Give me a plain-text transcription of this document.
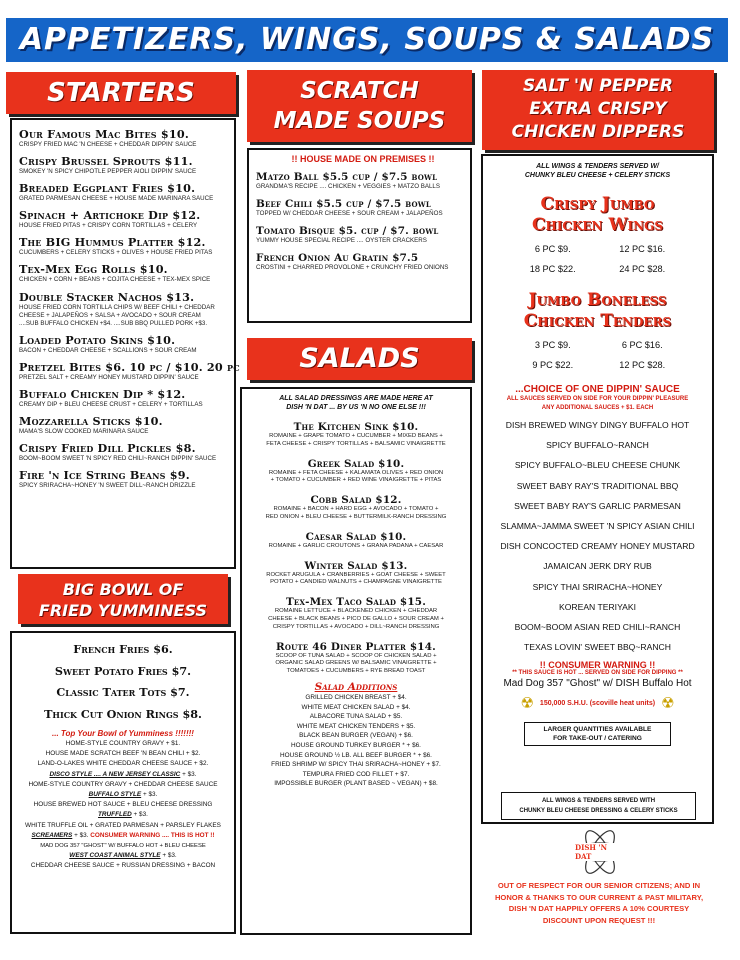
APPETIZERS, WINGS, SOUPS & SALADS
STARTERS	SCRATCH MADE SOUPS
SALT 'N PEPPER EXTRA CRISPY CHICKEN DIPPERS
SALADS
BIG BOWL OF FRIED YUMMINESS
Our Famous Mac Bites $10.
CRISPY FRIED MAC 'N CHEESE + CHEDDAR DIPPIN' SAUCE
Crispy Brussel Sprouts $11.
SMOKEY 'N SPICY CHIPOTLE PEPPER AIOLI DIPPIN' SAUCE
Breaded Eggplant Fries $10.
GRATED PARMESAN CHEESE + HOUSE MADE MARINARA SAUCE
Spinach + Artichoke Dip $12.
HOUSE FRIED PITAS + CRISPY CORN TORTILLAS + CELERY
The BIG Hummus Platter $12.
CUCUMBERS + CELERY STICKS + OLIVES + HOUSE FRIED PITAS
Tex-Mex Egg Rolls $10.
CHICKEN + CORN + BEANS + COJITA CHEESE + TEX-MEX SPICE
Double Stacker Nachos $13.
HOUSE FRIED CORN TORTILLA CHIPS W/ BEEF CHILI + CHEDDAR
CHEESE + JALAPEÑOS + SALSA + AVOCADO + SOUR CREAM
....SUB BUFFALO CHICKEN +$4. ....SUB BBQ PULLED PORK +$3.
Loaded Potato Skins $10.
BACON + CHEDDAR CHEESE + SCALLIONS + SOUR CREAM
Pretzel Bites $6. 10 pc / $10. 20 pc
PRETZEL SALT + CREAMY HONEY MUSTARD DIPPIN' SAUCE
Buffalo Chicken Dip * $12.
CREAMY DIP + BLEU CHEESE CRUST + CELERY + TORTILLAS
Mozzarella Sticks $10.
MAMA'S SLOW COOKED MARINARA SAUCE
Crispy Fried Dill Pickles $8.
BOOM~BOOM SWEET 'N SPICY RED CHILI~RANCH DIPPIN' SAUCE
Fire 'n Ice String Beans $9.
SPICY SRIRACHA~HONEY 'N SWEET DILL~RANCH DRIZZLE
!! HOUSE MADE ON PREMISES !!
Matzo Ball $5.5 cup / $7.5 bowl
GRANDMA'S RECIPE .... CHICKEN + VEGGIES + MATZO BALLS
Beef Chili $5.5 cup / $7.5 bowl
TOPPED W/ CHEDDAR CHEESE + SOUR CREAM + JALAPEÑOS
Tomato Bisque $5. cup / $7. bowl
YUMMY HOUSE SPECIAL RECIPE .... OYSTER CRACKERS
French Onion Au Gratin $7.5
CROSTINI + CHARRED PROVOLONE + CRUNCHY FRIED ONIONS
ALL SALAD DRESSINGS ARE MADE HERE AT
DISH 'N DAT ... BY US 'N NO ONE ELSE !!!
The Kitchen Sink $10.
ROMAINE + GRAPE TOMATO + CUCUMBER + MIXED BEANS +
FETA CHEESE + CRISPY TORTILLAS + BALSAMIC VINAIGRETTE
Greek Salad $10.
ROMAINE + FETA CHEESE + KALAMATA OLIVES + RED ONION
+ TOMATO + CUCUMBER + RED WINE VINAIGRETTE + PITAS
Cobb Salad $12.
ROMAINE + BACON + HARD EGG + AVOCADO + TOMATO +
RED ONION + BLEU CHEESE + BUTTERMILK-RANCH DRESSING
Caesar Salad $10.
ROMAINE + GARLIC CROUTONS + GRANA PADANA + CAESAR
Winter Salad $13.
ROCKET ARUGULA + CRANBERRIES + GOAT CHEESE + SWEET
POTATO + CANDIED WALNUTS + CHAMPAGNE VINAIGRETTE
Tex-Mex Taco Salad $15.
ROMAINE LETTUCE + BLACKENED CHICKEN + CHEDDAR
CHEESE + BLACK BEANS + PICO DE GALLO + SOUR CREAM +
CRISPY TORTILLAS + AVOCADO + DILL~RANCH DRESSING
Route 46 Diner Platter $14.
SCOOP OF TUNA SALAD + SCOOP OF CHICKEN SALAD +
ORGANIC SALAD GREENS W/ BALSAMIC VINAIGRETTE +
TOMATOES + CUCUMBERS + RYE BREAD TOAST
Salad Additions
GRILLED CHICKEN BREAST + $4.
WHITE MEAT CHICKEN SALAD + $4.
ALBACORE TUNA SALAD + $5.
WHITE MEAT CHICKEN TENDERS + $5.
BLACK BEAN BURGER (VEGAN) + $6.
HOUSE GROUND TURKEY BURGER * + $6.
HOUSE GROUND ½ LB. ALL BEEF BURGER * + $6.
FRIED SHRIMP W/ SPICY THAI SRIRACHA~HONEY + $7.
TEMPURA FRIED COD FILLET + $7.
IMPOSSIBLE BURGER (PLANT BASED ~ VEGAN) + $8.
French Fries $6.
Sweet Potato Fries $7.
Classic Tater Tots $7.
Thick Cut Onion Rings $8.
... Top Your Bowl of Yumminess !!!!!!!
HOME-STYLE COUNTRY GRAVY + $1.
HOUSE MADE SCRATCH BEEF 'N BEAN CHILI + $2.
LAND-O-LAKES WHITE CHEDDAR CHEESE SAUCE + $2.
DISCO STYLE .... A NEW JERSEY CLASSIC + $3.
HOME-STYLE COUNTRY GRAVY + CHEDDAR CHEESE SAUCE
BUFFALO STYLE + $3.
HOUSE BREWED HOT SAUCE + BLEU CHEESE DRESSING
TRUFFLED + $3.
WHITE TRUFFLE OIL + GRATED PARMESAN + PARSLEY FLAKES
SCREAMERS + $3. CONSUMER WARNING .... THIS IS HOT !!
MAD DOG 357 "GHOST" W/ BUFFALO HOT + BLEU CHEESE
WEST COAST ANIMAL STYLE + $3.
CHEDDAR CHEESE SAUCE + RUSSIAN DRESSING + BACON
ALL WINGS & TENDERS SERVED W/
CHUNKY BLEU CHEESE + CELERY STICKS
Crispy Jumbo
Chicken Wings
6 PC $9.	12 PC $16.
18 PC $22.	24 PC $28.
Jumbo Boneless
Chicken Tenders
3 PC $9.	6 PC $16.
9 PC $22.	12 PC $28.
...CHOICE OF ONE DIPPIN' SAUCE
ALL SAUCES SERVED ON SIDE FOR YOUR DIPPIN' PLEASURE
ANY ADDITIONAL SAUCES + $1. EACH
DISH BREWED WINGY DINGY BUFFALO HOT
SPICY BUFFALO~RANCH
SPICY BUFFALO~BLEU CHEESE CHUNK
SWEET BABY RAY'S TRADITIONAL BBQ
SWEET BABY RAY'S GARLIC PARMESAN
SLAMMA~JAMMA SWEET 'N SPICY ASIAN CHILI
DISH CONCOCTED CREAMY HONEY MUSTARD
JAMAICAN JERK DRY RUB
SPICY THAI SRIRACHA~HONEY
KOREAN TERIYAKI
BOOM~BOOM ASIAN RED CHILI~RANCH
TEXAS LOVIN' SWEET BBQ~RANCH
!! CONSUMER WARNING !!
** THIS SAUCE IS HOT ... SERVED ON SIDE FOR DIPPING **
Mad Dog 357 "Ghost" w/ DISH Buffalo Hot
☢ 150,000 S.H.U. (scoville heat units) ☢
LARGER QUANTITIES AVAILABLE
FOR TAKE-OUT / CATERING
ALL WINGS & TENDERS SERVED WITH
CHUNKY BLEU CHEESE DRESSING & CELERY STICKS
DISH 'N DAT
OUT OF RESPECT FOR OUR SENIOR CITIZENS; AND IN
HONOR & THANKS TO OUR CURRENT & PAST MILITARY,
DISH 'N DAT HAPPILY OFFERS A 10% COURTESY
DISCOUNT UPON REQUEST !!!
